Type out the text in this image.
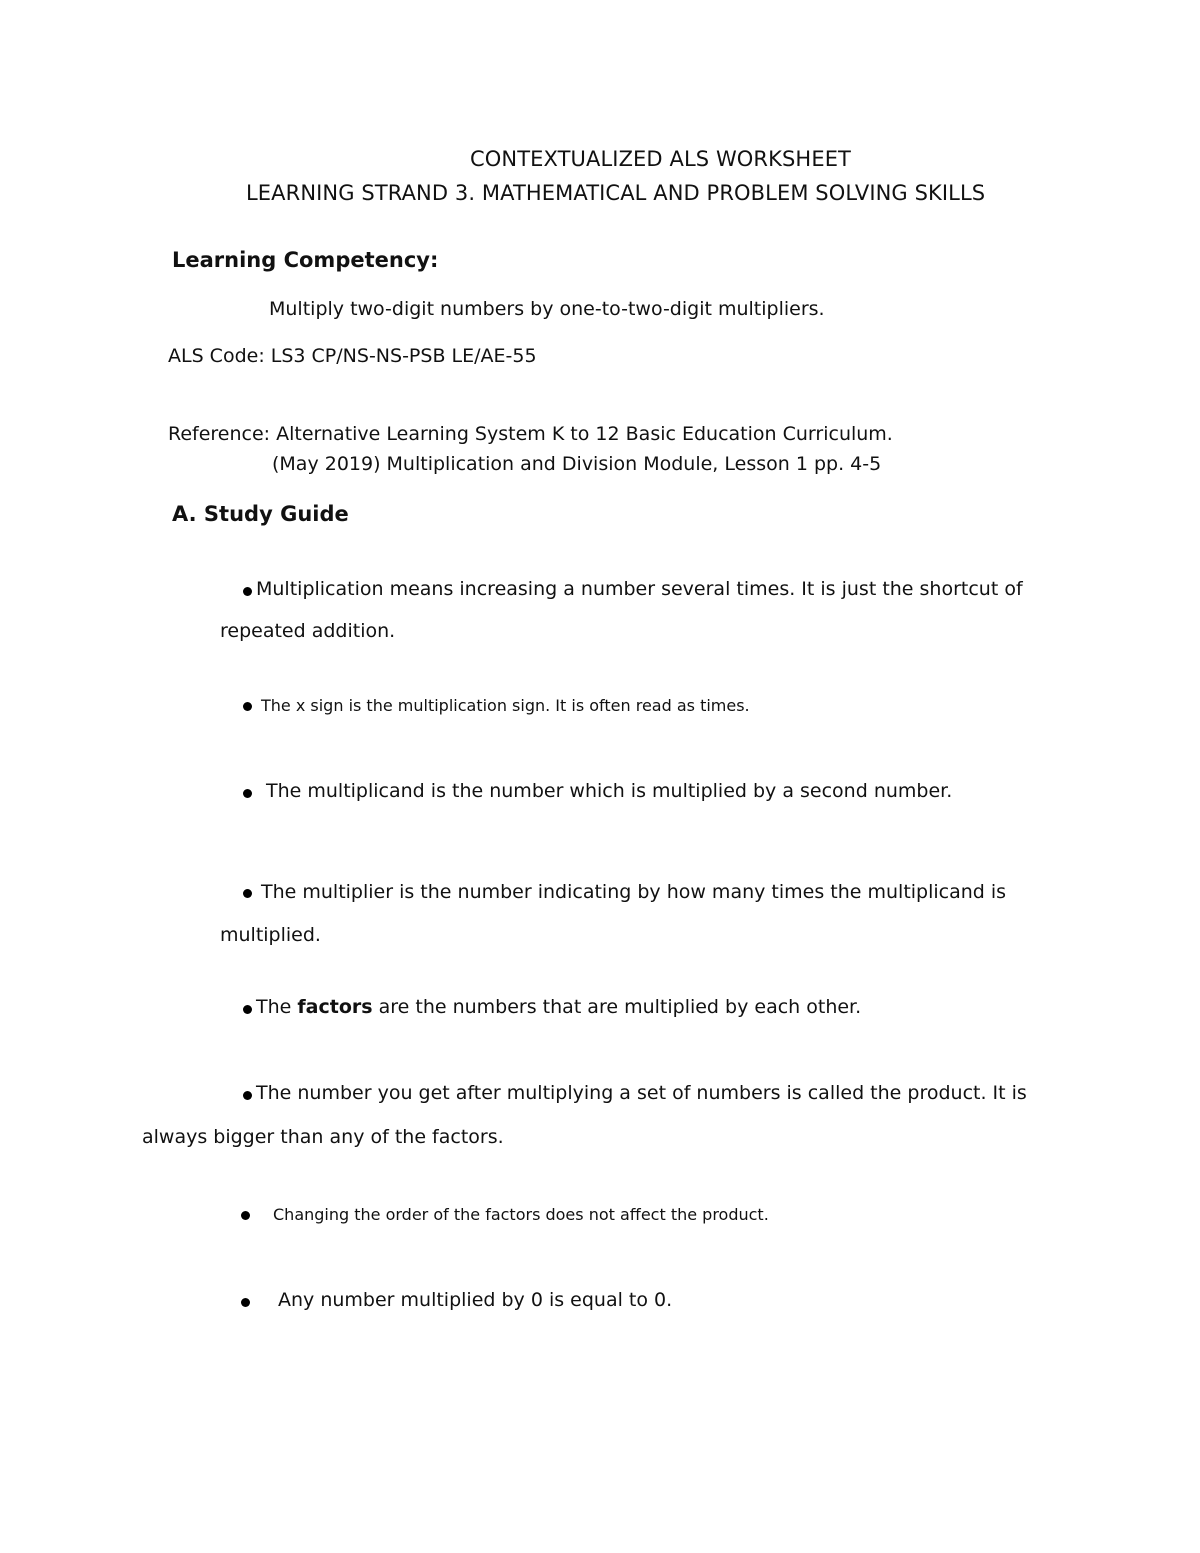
CONTEXTUALIZED ALS WORKSHEET
LEARNING STRAND 3. MATHEMATICAL AND PROBLEM SOLVING SKILLS
Learning Competency:
Multiply two-digit numbers by one-to-two-digit multipliers.
ALS Code: LS3 CP/NS-NS-PSB LE/AE-55
Reference: Alternative Learning System K to 12 Basic Education Curriculum.
(May 2019) Multiplication and Division Module, Lesson 1 pp. 4-5
A. Study Guide
Multiplication means increasing a number several times. It is just the shortcut of
repeated addition.
The x sign is the multiplication sign. It is often read as times.
The multiplicand is the number which is multiplied by a second number.
The multiplier is the number indicating by how many times the multiplicand is
multiplied.
The factors are the numbers that are multiplied by each other.
The number you get after multiplying a set of numbers is called the product. It is
always bigger than any of the factors.
Changing the order of the factors does not affect the product.
Any number multiplied by 0 is equal to 0.
